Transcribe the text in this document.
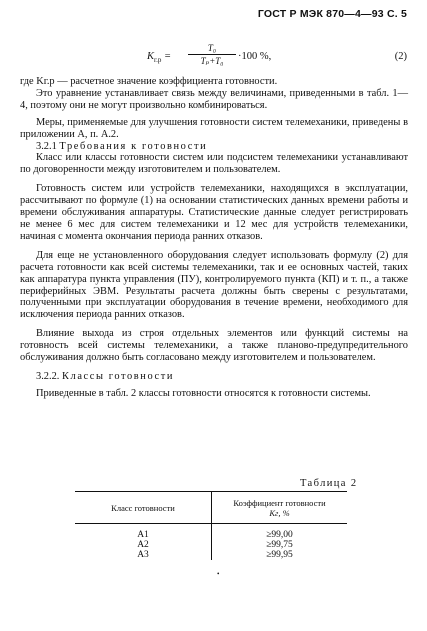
ГОСТ Р МЭК 870—4—93 С. 5
$K_{г.р}$ =
T₀
Tₚ+T₀	·100 %,	(2)

где Kг.р — расчетное значение коэффициента готовности.

Это уравнение устанавливает связь между величинами, приведенными в табл. 1—4, поэтому они не могут произвольно комбинироваться.

Меры, применяемые для улучшения готовности систем телемеханики, приведены в приложении А, п. А.2.

3.2.1 Требования к готовности

Класс или классы готовности систем или подсистем телемеханики устанавливают по договоренности между изготовителем и пользователем.

Готовность систем или устройств телемеханики, находящихся в эксплуатации, рассчитывают по формуле (1) на основании статистических данных времени работы и времени обслуживания аппаратуры. Статистические данные следует регистрировать не менее 6 мес для систем телемеханики и 12 мес для устройств телемеханики, начиная с момента окончания периода ранних отказов.

Для еще не установленного оборудования следует использовать формулу (2) для расчета готовности как всей системы телемеханики, так и ее основных частей, таких как аппаратура пункта управления (ПУ), контролируемого пункта (КП) и т. п., а также периферийных ЭВМ. Результаты расчета должны быть сверены с результатами, полученными при эксплуатации оборудования в течение времени, необходимого для исключения периода ранних отказов.

Влияние выхода из строя отдельных элементов или функций системы на готовность всей системы телемеханики, а также планово-предупредительного обслуживания должно быть согласовано между изготовителем и пользователем.

3.2.2. Классы готовности

Приведенные в табл. 2 классы готовности относятся к готовности системы.

Таблица 2
Класс готовности	Коэффициент готовности
Kг, %

A1	≥99,00
A2	≥99,75
A3	≥99,95
•
